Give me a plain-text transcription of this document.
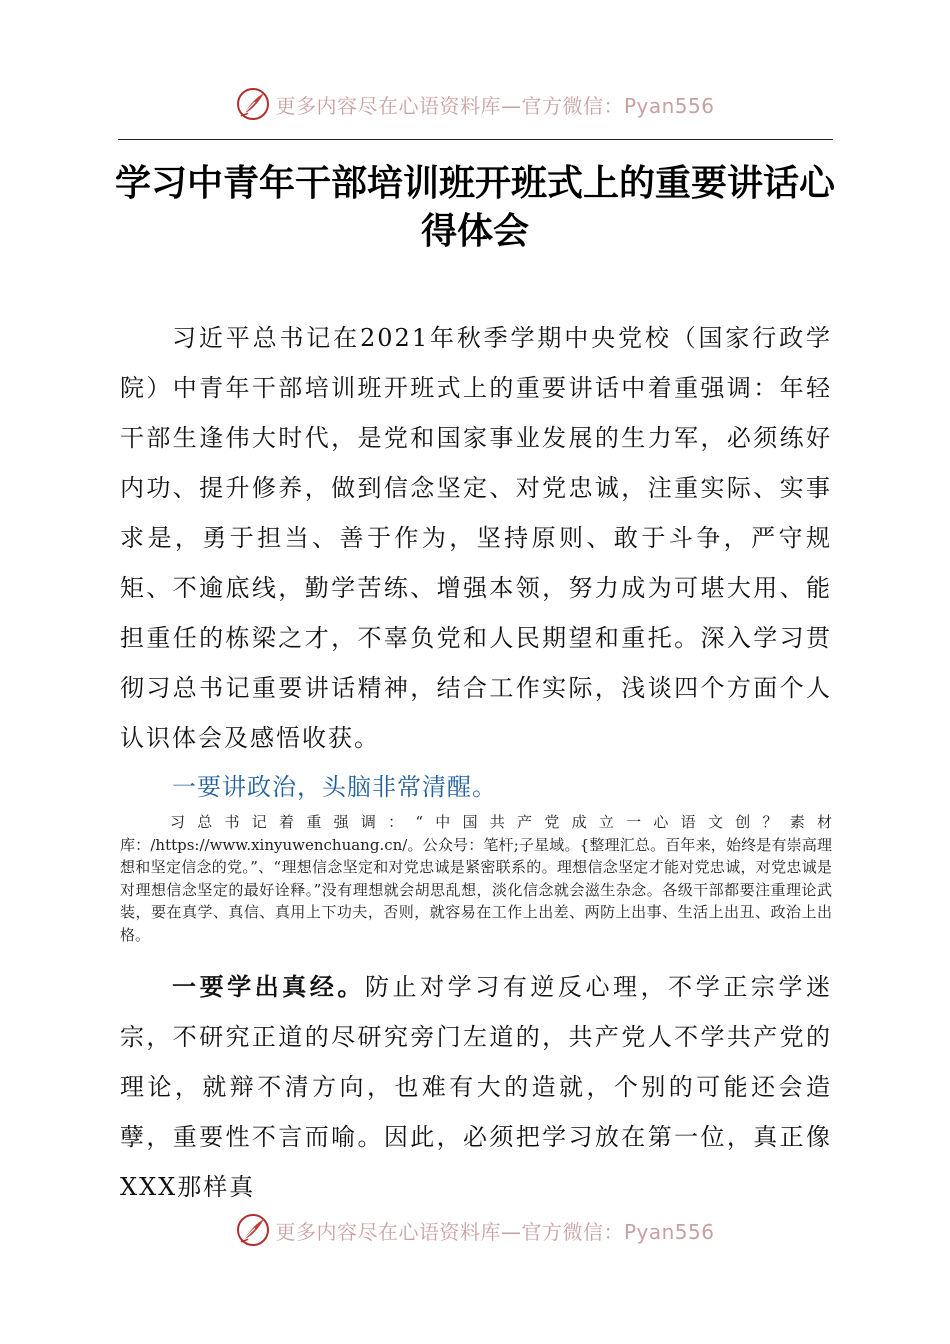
更多内容尽在心语资料库—官方微信：Pyan556
学习中青年干部培训班开班式上的重要讲话心得体会

习近平总书记在2021年秋季学期中央党校（国家行政学院）中青年干部培训班开班式上的重要讲话中着重强调：年轻干部生逢伟大时代，是党和国家事业发展的生力军，必须练好内功、提升修养，做到信念坚定、对党忠诚，注重实际、实事求是，勇于担当、善于作为，坚持原则、敢于斗争，严守规矩、不逾底线，勤学苦练、增强本领，努力成为可堪大用、能担重任的栋梁之才，不辜负党和人民期望和重托。深入学习贯彻习总书记重要讲话精神，结合工作实际，浅谈四个方面个人认识体会及感悟收获。

一要讲政治，头脑非常清醒。

习总书记着重强调：“中国共产党成立一心语文创？素材库：/https://www.xinyuwenchuang.cn/。公众号：笔杆;子星域。{整理汇总。百年来，始终是有崇高理想和坚定信念的党。”、“理想信念坚定和对党忠诚是紧密联系的。理想信念坚定才能对党忠诚，对党忠诚是对理想信念坚定的最好诠释。”没有理想就会胡思乱想，淡化信念就会滋生杂念。各级干部都要注重理论武装，要在真学、真信、真用上下功夫，否则，就容易在工作上出差、两防上出事、生活上出丑、政治上出格。

一要学出真经。防止对学习有逆反心理，不学正宗学迷宗，不研究正道的尽研究旁门左道的，共产党人不学共产党的理论，就辩不清方向，也难有大的造就，个别的可能还会造孽，重要性不言而喻。因此，必须把学习放在第一位，真正像XXX那样真

更多内容尽在心语资料库—官方微信：Pyan556
